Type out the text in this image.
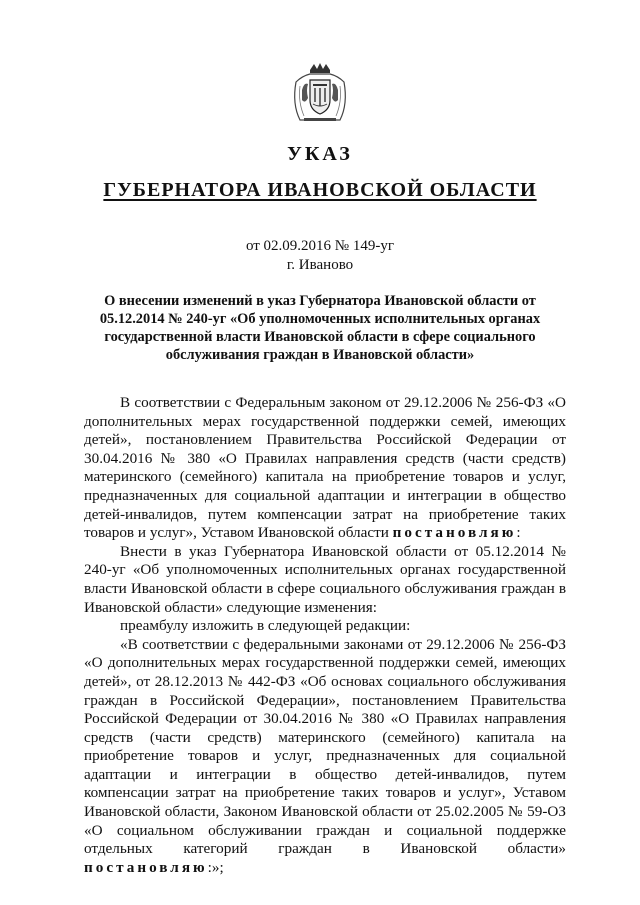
УКАЗ
ГУБЕРНАТОРА ИВАНОВСКОЙ ОБЛАСТИ
от 02.09.2016 № 149-уг
г. Иваново
О внесении изменений в указ Губернатора Ивановской области от 05.12.2014 № 240-уг «Об уполномоченных исполнительных органах государственной власти Ивановской области в сфере социального обслуживания граждан в Ивановской области»

В соответствии с Федеральным законом от 29.12.2006 № 256-ФЗ «О дополнительных мерах государственной поддержки семей, имеющих детей», постановлением Правительства Российской Федерации от 30.04.2016 № 380 «О Правилах направления средств (части средств) материнского (семейного) капитала на приобретение товаров и услуг, предназначенных для социальной адаптации и интеграции в общество детей-инвалидов, путем компенсации затрат на приобретение таких товаров и услуг», Уставом Ивановской области постановляю:

Внести в указ Губернатора Ивановской области от 05.12.2014 № 240-уг «Об уполномоченных исполнительных органах государственной власти Ивановской области в сфере социального обслуживания граждан в Ивановской области» следующие изменения:

преамбулу изложить в следующей редакции:

«В соответствии с федеральными законами от 29.12.2006 № 256-ФЗ «О дополнительных мерах государственной поддержки семей, имеющих детей», от 28.12.2013 № 442-ФЗ «Об основах социального обслуживания граждан в Российской Федерации», постановлением Правительства Российской Федерации от 30.04.2016 № 380 «О Правилах направления средств (части средств) материнского (семейного) капитала на приобретение товаров и услуг, предназначенных для социальной адаптации и интеграции в общество детей-инвалидов, путем компенсации затрат на приобретение таких товаров и услуг», Уставом Ивановской области, Законом Ивановской области от 25.02.2005 № 59-ОЗ «О социальном обслуживании граждан и социальной поддержке отдельных категорий граждан в Ивановской области» постановляю:»;
